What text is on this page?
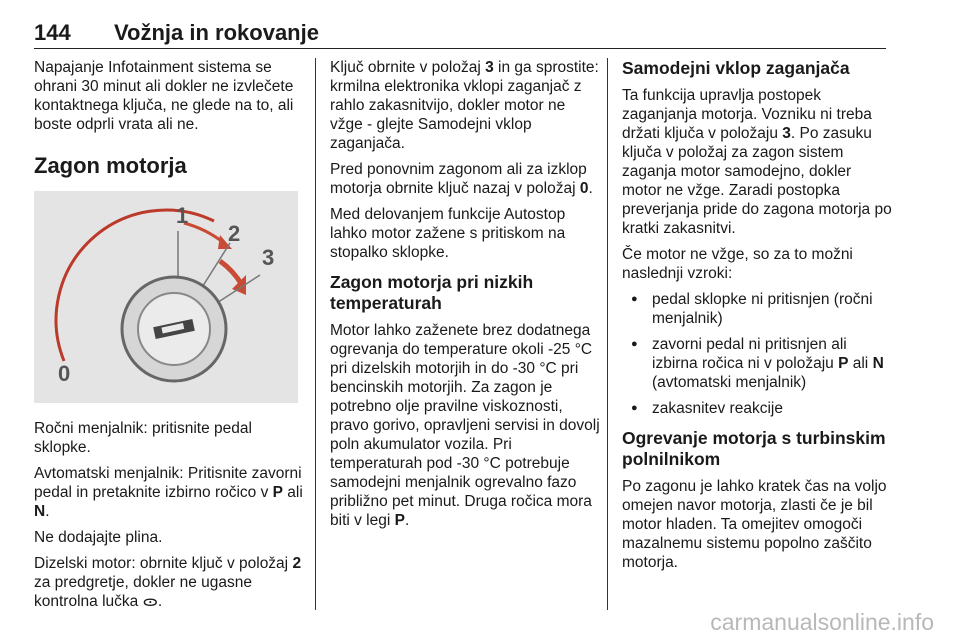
144 Vožnja in rokovanje

Napajanje Infotainment sistema se ohrani 30 minut ali dokler ne izvlečete kontaktnega ključa, ne glede na to, ali boste odprli vrata ali ne.

Zagon motorja

1
2
3
0

Ročni menjalnik: pritisnite pedal sklopke.

Avtomatski menjalnik: Pritisnite zavorni pedal in pretaknite izbirno ročico v P ali N.

Ne dodajajte plina.

Dizelski motor: obrnite ključ v položaj 2 za predgretje, dokler ne ugasne kontrolna lučka ᯣ.

Ključ obrnite v položaj 3 in ga sprostite: krmilna elektronika vklopi zaganjač z rahlo zakasnitvijo, dokler motor ne vžge - glejte Samodejni vklop zaganjača.

Pred ponovnim zagonom ali za izklop motorja obrnite ključ nazaj v položaj 0.

Med delovanjem funkcije Autostop lahko motor zažene s pritiskom na stopalko sklopke.

Zagon motorja pri nizkih temperaturah

Motor lahko zaženete brez dodatnega ogrevanja do temperature okoli -25 °C pri dizelskih motorjih in do -30 °C pri bencinskih motorjih. Za zagon je potrebno olje pravilne viskoznosti, pravo gorivo, opravljeni servisi in dovolj poln akumulator vozila. Pri temperaturah pod -30 °C potrebuje samodejni menjalnik ogrevalno fazo približno pet minut. Druga ročica mora biti v legi P.

Samodejni vklop zaganjača

Ta funkcija upravlja postopek zaganjanja motorja. Vozniku ni treba držati ključa v položaju 3. Po zasuku ključa v položaj za zagon sistem zaganja motor samodejno, dokler motor ne vžge. Zaradi postopka preverjanja pride do zagona motorja po kratki zakasnitvi.

Če motor ne vžge, so za to možni naslednji vzroki:

● pedal sklopke ni pritisnjen (ročni menjalnik)
● zavorni pedal ni pritisnjen ali izbirna ročica ni v položaju P ali N (avtomatski menjalnik)
● zakasnitev reakcije

Ogrevanje motorja s turbinskim polnilnikom

Po zagonu je lahko kratek čas na voljo omejen navor motorja, zlasti če je bil motor hladen. Ta omejitev omogoči mazalnemu sistemu popolno zaščito motorja.

carmanualsonline.info
